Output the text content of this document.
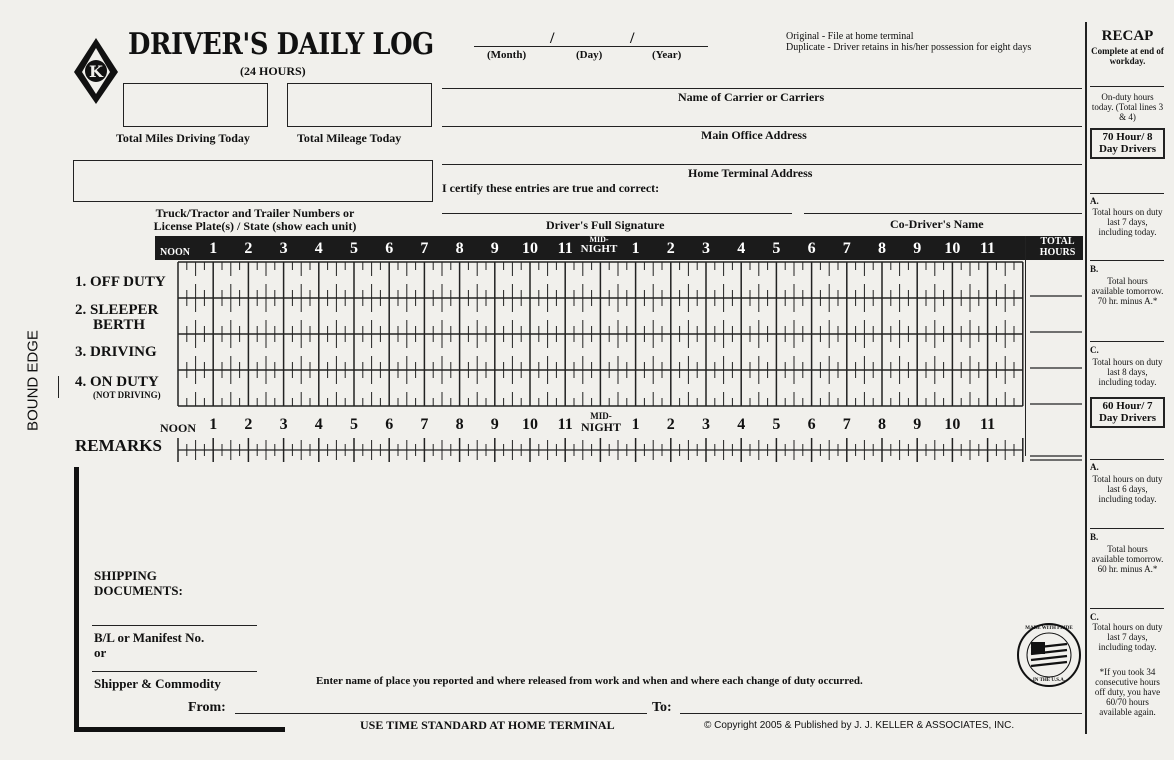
BOUND EDGE
K
DRIVER'S DAILY LOG
(24 HOURS)
/	/
(Month)	(Day)	(Year)
Original - File at home terminal
Duplicate - Driver retains in his/her possession for eight days
Total Miles Driving Today	Total Mileage Today
Name of Carrier or Carriers
Main Office Address
Home Terminal Address
I certify these entries are true and correct:
Truck/Tractor and Trailer Numbers or
License Plate(s) / State (show each unit)	Driver's Full Signature	Co-Driver's Name
NOON 1 2 3 4 5 6 7 8 9 10 11	1 2 3 4 5 6 7 8 9 10 11
MID-
NIGHT
TOTAL
HOURS
1. OFF DUTY
2. SLEEPER
BERTH
3. DRIVING
4. ON DUTY
(NOT DRIVING)
NOON 1 2 3 4 5 6 7 8 9 10 11	1 2 3 4 5 6 7 8 9 10 11
MID-
NIGHT
REMARKS
SHIPPING
DOCUMENTS:
B/L or Manifest No.
or
Shipper & Commodity
From:	To:
Enter name of place you reported and where released from work and when and where each change of duty occurred.
USE TIME STANDARD AT HOME TERMINAL	© Copyright 2005 & Published by J. J. KELLER & ASSOCIATES, INC.
MADE WITH PRIDE
IN THE U.S.A.
RECAP
Complete at end of workday.
On-duty hours today. (Total lines 3 & 4)
70 Hour/ 8 Day Drivers
A.
Total hours on duty last 7 days, including today.
B.
Total hours available tomorrow. 70 hr. minus A.*
C.
Total hours on duty last 8 days, including today.
60 Hour/ 7 Day Drivers
A.
Total hours on duty last 6 days, including today.
B.
Total hours available tomorrow. 60 hr. minus A.*
C.
Total hours on duty last 7 days, including today.
*If you took 34 consecutive hours off duty, you have 60/70 hours available again.
